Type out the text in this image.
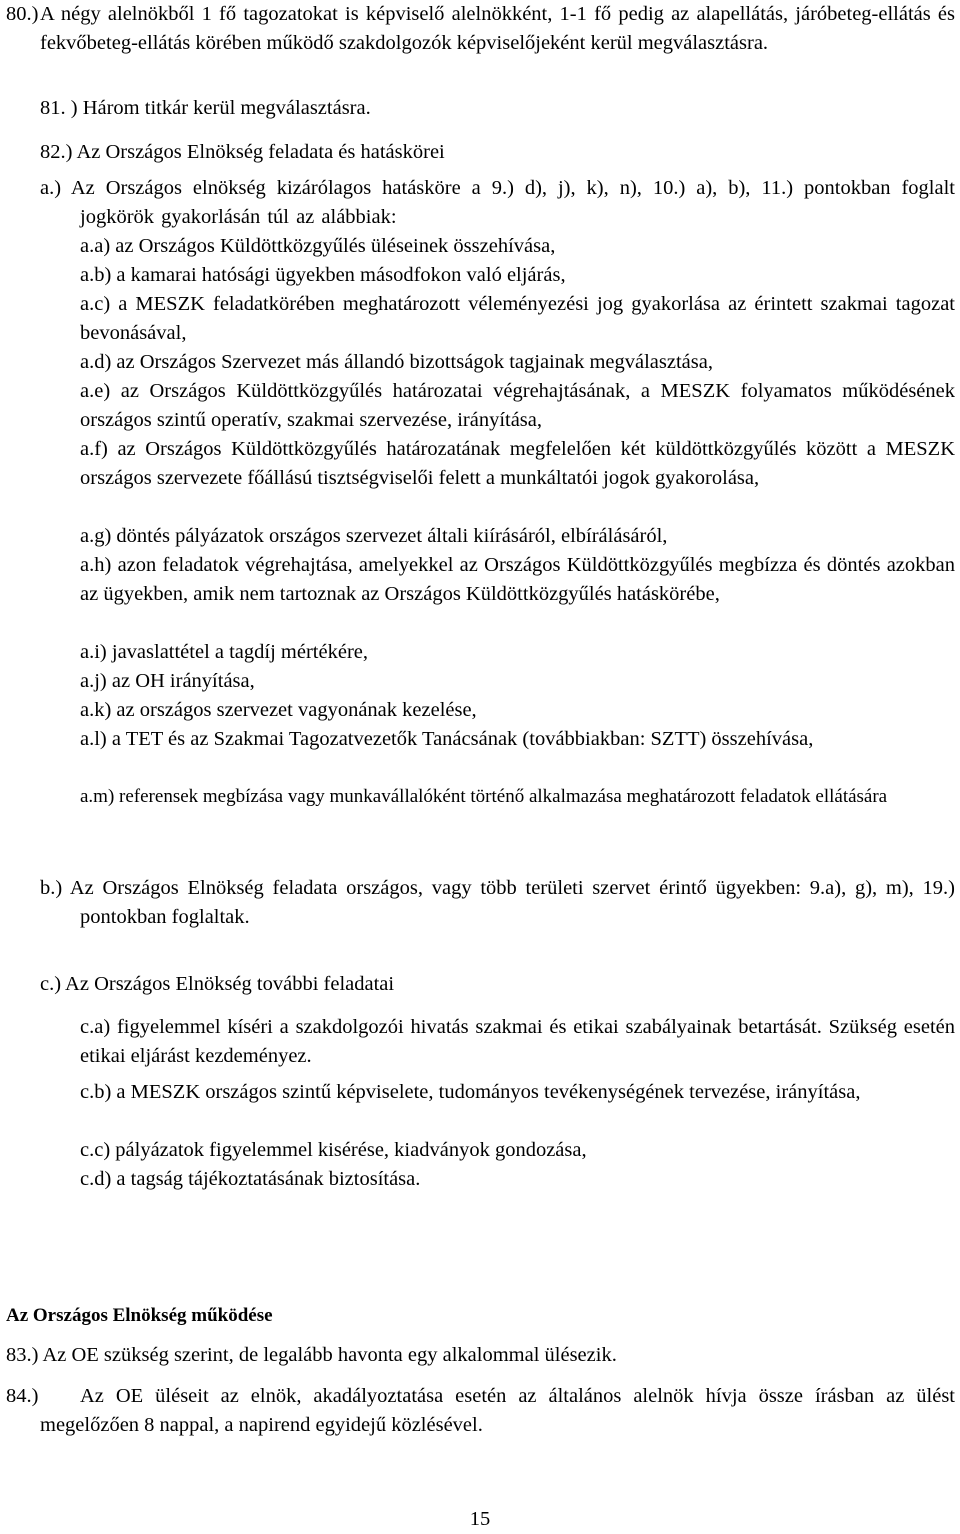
80.) A négy alelnökből 1 fő tagozatokat is képviselő alelnökként, 1-1 fő pedig az alapellátás, járóbeteg-ellátás és fekvőbeteg-ellátás körében működő szakdolgozók képviselőjeként kerül megválasztásra.

81. ) Három titkár kerül megválasztásra.

82.) Az Országos Elnökség feladata és hatáskörei

a.) Az Országos elnökség kizárólagos hatásköre a 9.) d), j), k), n), 10.) a), b), 11.) pontokban foglalt jogkörök gyakorlásán túl az alábbiak:

a.a) az Országos Küldöttközgyűlés üléseinek összehívása,

a.b) a kamarai hatósági ügyekben másodfokon való eljárás,

a.c) a MESZK feladatkörében meghatározott véleményezési jog gyakorlása az érintett szakmai tagozat bevonásával,

a.d) az Országos Szervezet más állandó bizottságok tagjainak megválasztása,

a.e) az Országos Küldöttközgyűlés határozatai végrehajtásának, a MESZK folyamatos működésének országos szintű operatív, szakmai szervezése, irányítása,

a.f) az Országos Küldöttközgyűlés határozatának megfelelően két küldöttközgyűlés között a MESZK országos szervezete főállású tisztségviselői felett a munkáltatói jogok gyakorolása,

a.g) döntés pályázatok országos szervezet általi kiírásáról, elbírálásáról,

a.h) azon feladatok végrehajtása, amelyekkel az Országos Küldöttközgyűlés megbízza és döntés azokban az ügyekben, amik nem tartoznak az Országos Küldöttközgyűlés hatáskörébe,

a.i) javaslattétel a tagdíj mértékére,

a.j) az OH irányítása,

a.k) az országos szervezet vagyonának kezelése,

a.l) a TET és az Szakmai Tagozatvezetők Tanácsának (továbbiakban: SZTT) összehívása,

a.m) referensek megbízása vagy munkavállalóként történő alkalmazása meghatározott feladatok ellátására

b.) Az Országos Elnökség feladata országos, vagy több területi szervet érintő ügyekben: 9.a), g), m), 19.) pontokban foglaltak.

c.) Az Országos Elnökség további feladatai

c.a) figyelemmel kíséri a szakdolgozói hivatás szakmai és etikai szabályainak betartását. Szükség esetén etikai eljárást kezdeményez.

c.b) a MESZK országos szintű képviselete, tudományos tevékenységének tervezése, irányítása,

c.c) pályázatok figyelemmel kisérése, kiadványok gondozása,

c.d) a tagság tájékoztatásának biztosítása.

Az Országos Elnökség működése

83.) Az OE szükség szerint, de legalább havonta egy alkalommal ülésezik.

84.)	Az OE üléseit az elnök, akadályoztatása esetén az általános alelnök hívja össze írásban az ülést megelőzően 8 nappal, a napirend egyidejű közlésével.

15
